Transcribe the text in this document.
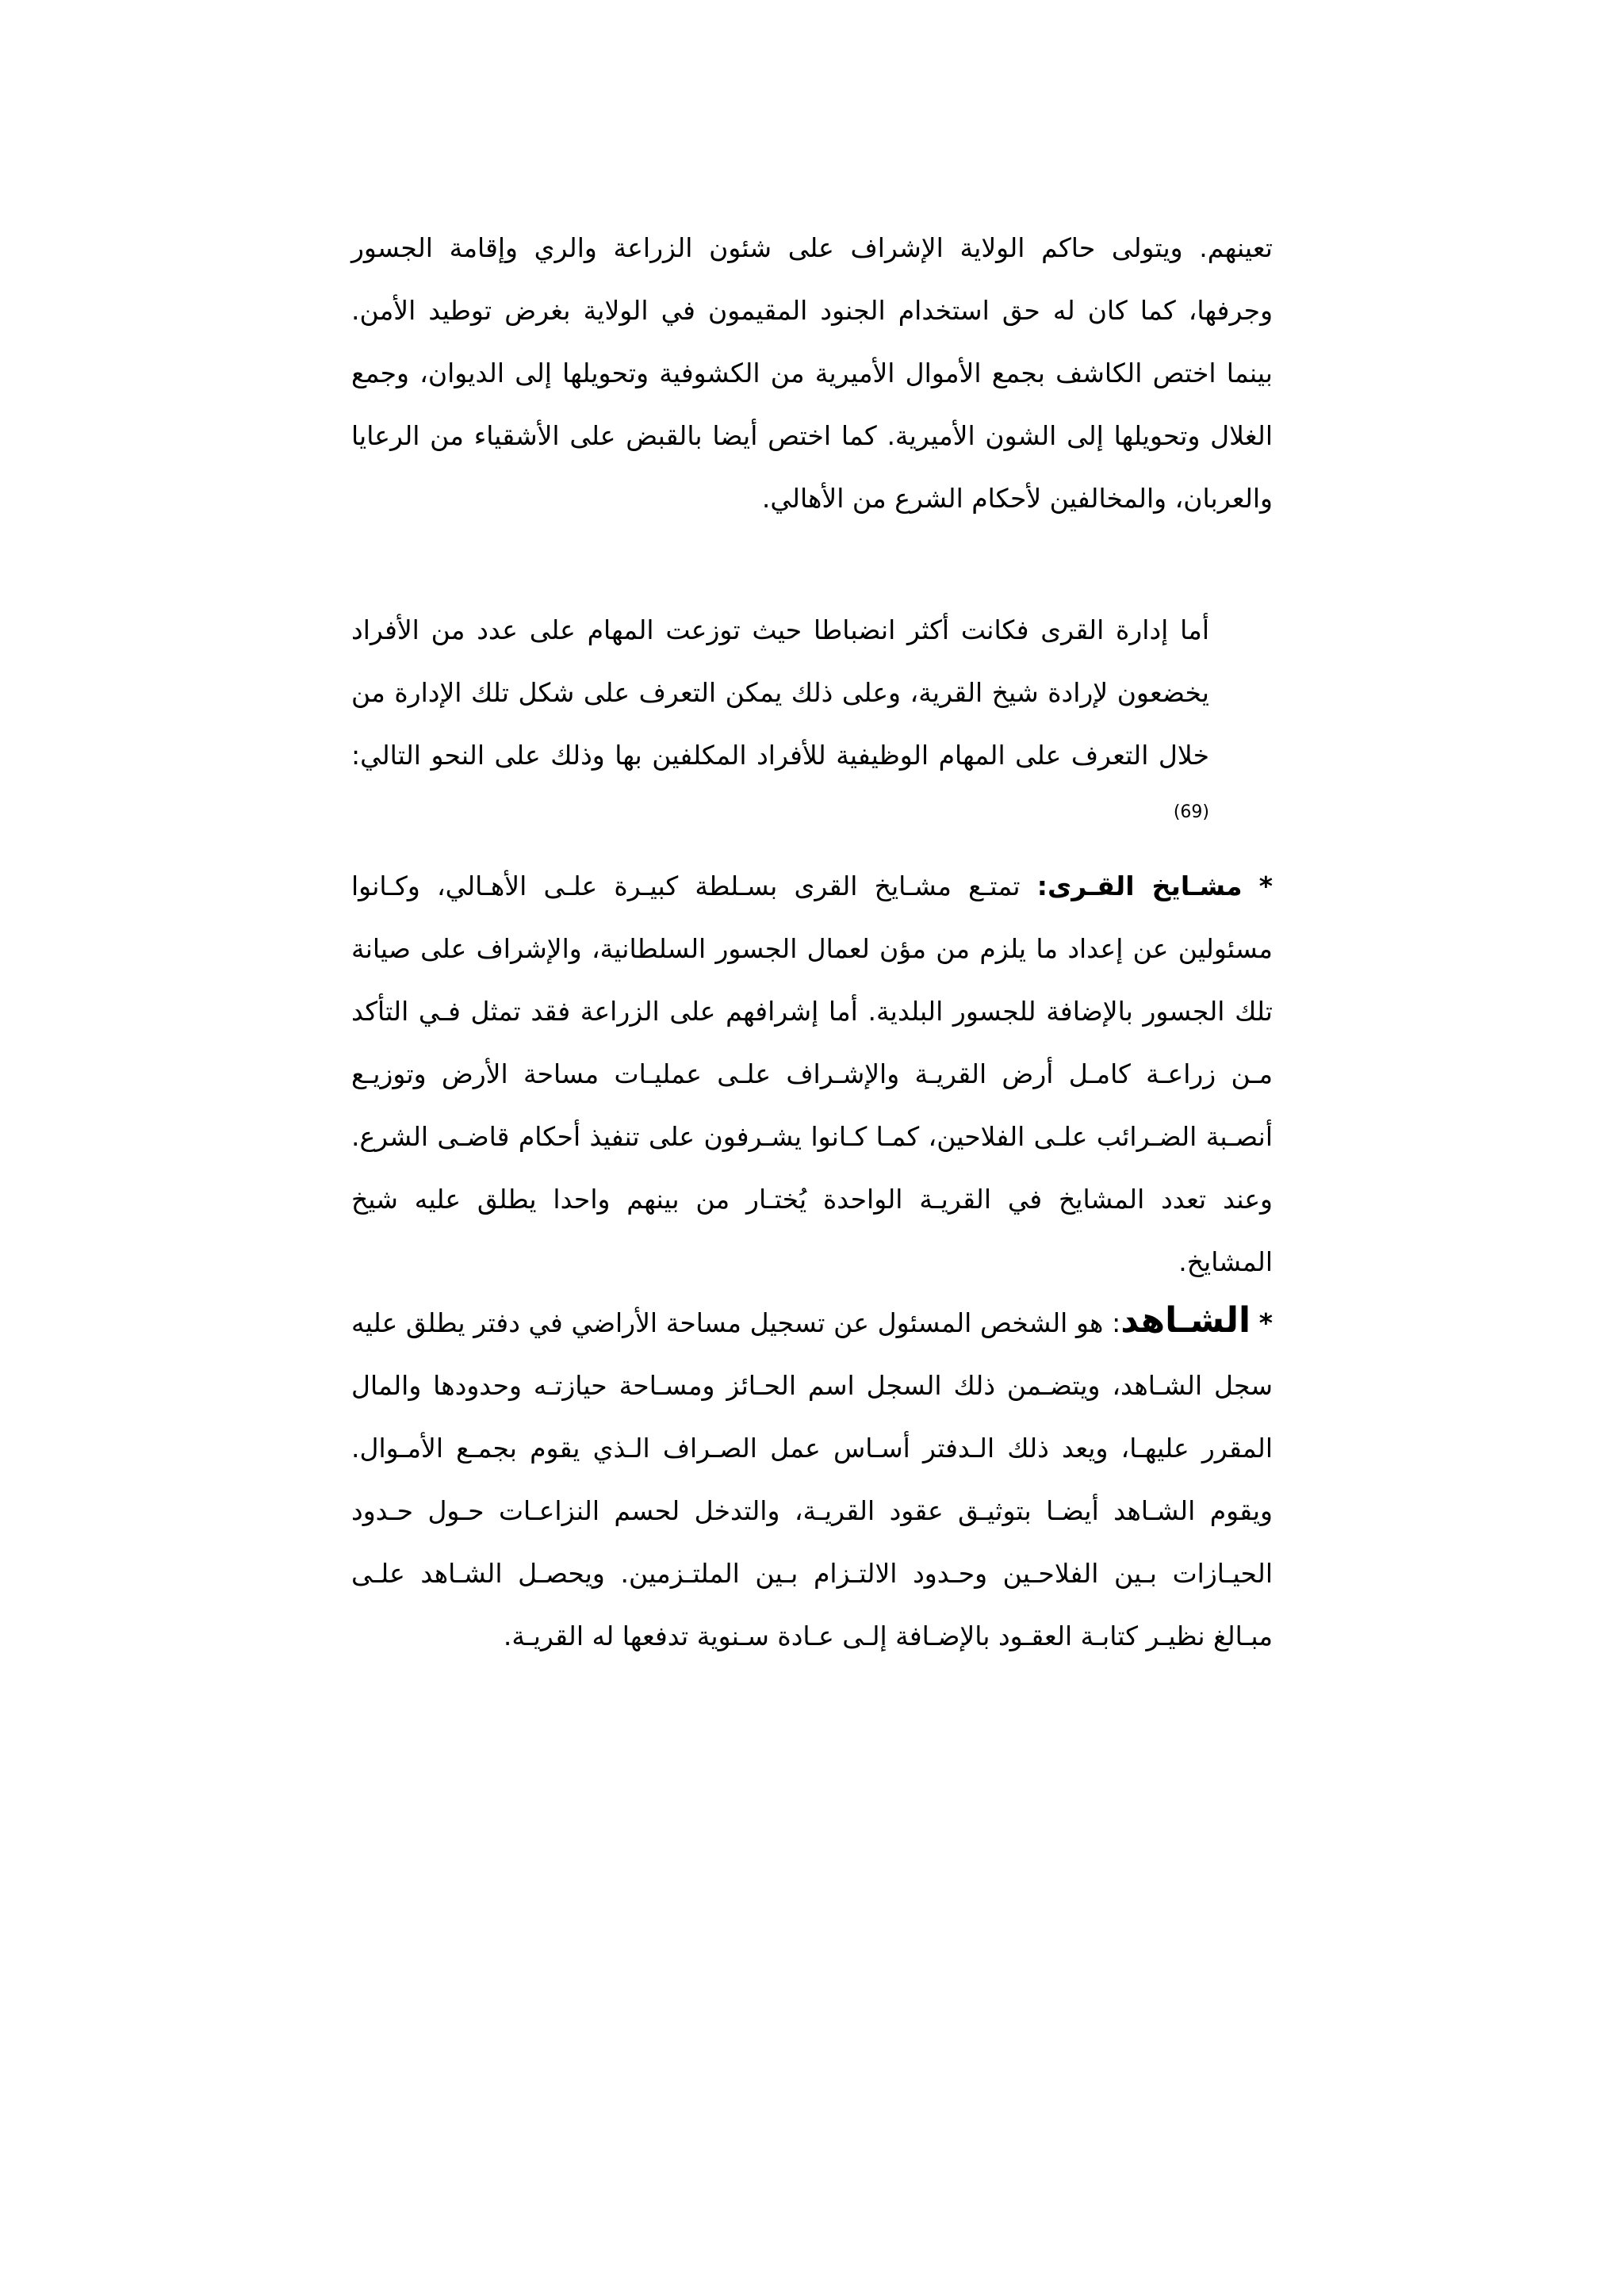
تعينهم. ويتولى حاكم الولاية الإشراف على شئون الزراعة والري وإقامة الجسور وجرفها، كما كان له حق استخدام الجنود المقيمون في الولاية بغرض توطيد الأمن. بينما اختص الكاشف بجمع الأموال الأميرية من الكشوفية وتحويلها إلى الديوان، وجمع الغلال وتحويلها إلى الشون الأميرية. كما اختص أيضا بالقبض على الأشقياء من الرعايا والعربان، والمخالفين لأحكام الشرع من الأهالي.

أما إدارة القرى فكانت أكثر انضباطا حيث توزعت المهام على عدد من الأفراد يخضعون لإرادة شيخ القرية، وعلى ذلك يمكن التعرف على شكل تلك الإدارة من خلال التعرف على المهام الوظيفية للأفراد المكلفين بها وذلك على النحو التالي:$^{(69)}$

* مشـايخ القـرى: تمتـع مشـايخ القرى بسـلطة كبيـرة علـى الأهـالي، وكـانوا مسئولين عن إعداد ما يلزم من مؤن لعمال الجسور السلطانية، والإشراف على صيانة تلك الجسور بالإضافة للجسور البلدية. أما إشرافهم على الزراعة فقد تمثل فـي التأكد مـن زراعـة كامـل أرض القريـة والإشـراف علـى عمليـات مساحة الأرض وتوزيـع أنصـبة الضـرائب علـى الفلاحين، كمـا كـانوا يشـرفون على تنفيذ أحكام قاضـى الشرع. وعند تعدد المشايخ في القريـة الواحدة يُختـار من بينهم واحدا يطلق عليه شيخ المشايخ.

* الشـاهد: هو الشخص المسئول عن تسجيل مساحة الأراضي في دفتر يطلق عليه سجل الشـاهد، ويتضـمن ذلك السجل اسم الحـائز ومسـاحة حيازتـه وحدودها والمال المقرر عليهـا، ويعد ذلك الـدفتر أسـاس عمل الصـراف الـذي يقوم بجمـع الأمـوال. ويقوم الشـاهد أيضـا بتوثيـق عقود القريـة، والتدخل لحسم النزاعـات حـول حـدود الحيـازات بـين الفلاحـين وحـدود الالتـزام بـين الملتـزمين. ويحصـل الشـاهد علـى مبـالغ نظيـر كتابـة العقـود بالإضـافة إلـى عـادة سـنوية تدفعها له القريـة.
